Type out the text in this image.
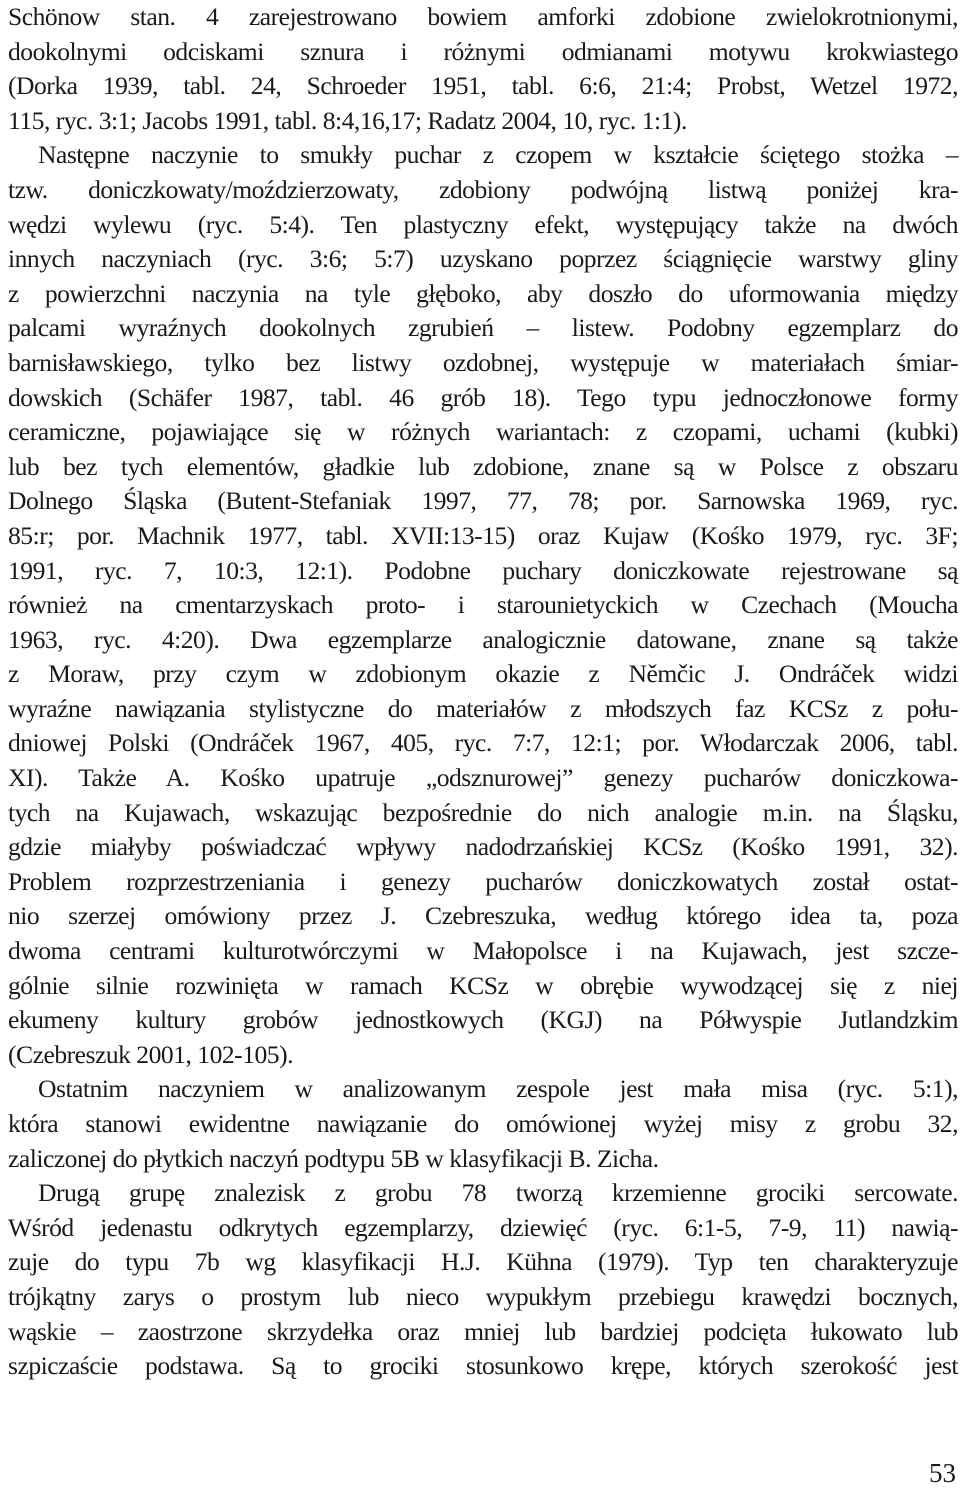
Schönow stan. 4 zarejestrowano bowiem amforki zdobione zwielokrotnionymi,
dookolnymi odciskami sznura i różnymi odmianami motywu krokwiastego
(Dorka 1939, tabl. 24, Schroeder 1951, tabl. 6:6, 21:4; Probst, Wetzel 1972,
115, ryc. 3:1; Jacobs 1991, tabl. 8:4,16,17; Radatz 2004, 10, ryc. 1:1).
Następne naczynie to smukły puchar z czopem w kształcie ściętego stożka –
tzw. doniczkowaty/moździerzowaty, zdobiony podwójną listwą poniżej kra-
wędzi wylewu (ryc. 5:4). Ten plastyczny efekt, występujący także na dwóch
innych naczyniach (ryc. 3:6; 5:7) uzyskano poprzez ściągnięcie warstwy gliny
z powierzchni naczynia na tyle głęboko, aby doszło do uformowania między
palcami wyraźnych dookolnych zgrubień – listew. Podobny egzemplarz do
barnisławskiego, tylko bez listwy ozdobnej, występuje w materiałach śmiar-
dowskich (Schäfer 1987, tabl. 46 grób 18). Tego typu jednoczłonowe formy
ceramiczne, pojawiające się w różnych wariantach: z czopami, uchami (kubki)
lub bez tych elementów, gładkie lub zdobione, znane są w Polsce z obszaru
Dolnego Śląska (Butent-Stefaniak 1997, 77, 78; por. Sarnowska 1969, ryc.
85:r; por. Machnik 1977, tabl. XVII:13-15) oraz Kujaw (Kośko 1979, ryc. 3F;
1991, ryc. 7, 10:3, 12:1). Podobne puchary doniczkowate rejestrowane są
również na cmentarzyskach proto- i starounietyckich w Czechach (Moucha
1963, ryc. 4:20). Dwa egzemplarze analogicznie datowane, znane są także
z Moraw, przy czym w zdobionym okazie z Němčic J. Ondráček widzi
wyraźne nawiązania stylistyczne do materiałów z młodszych faz KCSz z połu-
dniowej Polski (Ondráček 1967, 405, ryc. 7:7, 12:1; por. Włodarczak 2006, tabl.
XI). Także A. Kośko upatruje „odsznurowej” genezy pucharów doniczkowa-
tych na Kujawach, wskazując bezpośrednie do nich analogie m.in. na Śląsku,
gdzie miałyby poświadczać wpływy nadodrzańskiej KCSz (Kośko 1991, 32).
Problem rozprzestrzeniania i genezy pucharów doniczkowatych został ostat-
nio szerzej omówiony przez J. Czebreszuka, według którego idea ta, poza
dwoma centrami kulturotwórczymi w Małopolsce i na Kujawach, jest szcze-
gólnie silnie rozwinięta w ramach KCSz w obrębie wywodzącej się z niej
ekumeny kultury grobów jednostkowych (KGJ) na Półwyspie Jutlandzkim
(Czebreszuk 2001, 102-105).
Ostatnim naczyniem w analizowanym zespole jest mała misa (ryc. 5:1),
która stanowi ewidentne nawiązanie do omówionej wyżej misy z grobu 32,
zaliczonej do płytkich naczyń podtypu 5B w klasyfikacji B. Zicha.
Drugą grupę znalezisk z grobu 78 tworzą krzemienne grociki sercowate.
Wśród jedenastu odkrytych egzemplarzy, dziewięć (ryc. 6:1-5, 7-9, 11) nawią-
zuje do typu 7b wg klasyfikacji H.J. Kühna (1979). Typ ten charakteryzuje
trójkątny zarys o prostym lub nieco wypukłym przebiegu krawędzi bocznych,
wąskie – zaostrzone skrzydełka oraz mniej lub bardziej podcięta łukowato lub
szpiczaście podstawa. Są to grociki stosunkowo krępe, których szerokość jest
53
